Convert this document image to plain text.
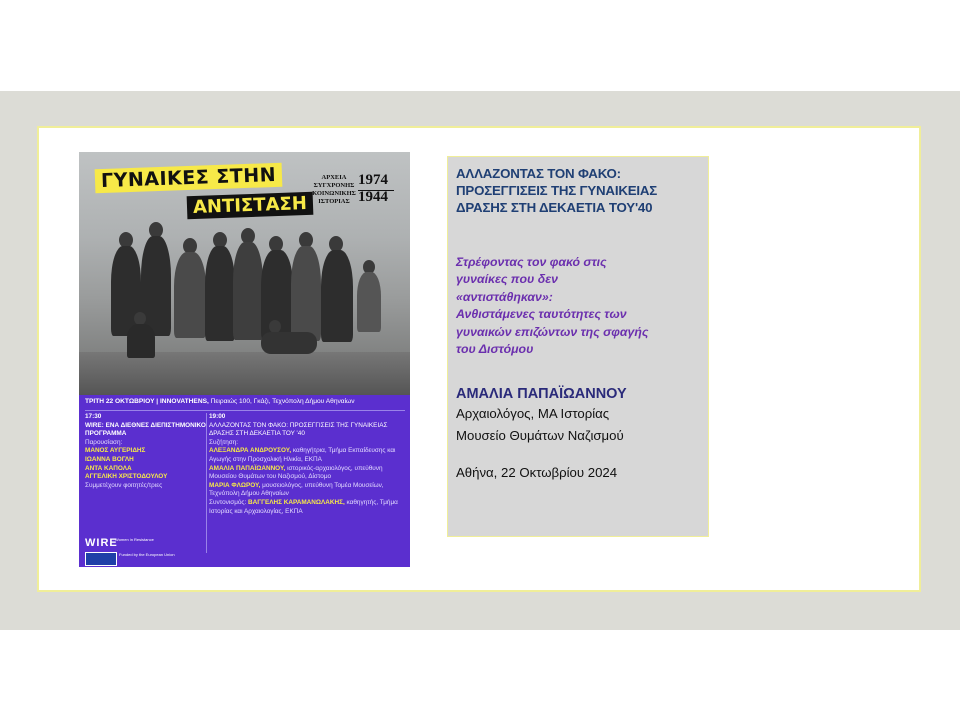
ΓΥΝΑΙΚΕΣ ΣΤΗΝ
ΑΝΤΙΣΤΑΣΗ
ΑΡΧΕΙΑ ΣΥΓΧΡΟΝΗΣ ΚΟΙΝΩΝΙΚΗΣ ΙΣΤΟΡΙΑΣ
1974
1944
ΤΡΙΤΗ 22 ΟΚΤΩΒΡΙΟΥ | INNOVATHENS, Πειραιώς 100, Γκάζι, Τεχνόπολη Δήμου Αθηναίων
17:30
WIRE: ΕΝΑ ΔΙΕΘΝΕΣ ΔΙΕΠΙΣΤΗΜΟΝΙΚΟ ΠΡΟΓΡΑΜΜΑ
Παρουσίαση:
ΜΑΝΟΣ ΑΥΓΕΡΙΔΗΣ
ΙΩΑΝΝΑ ΒΟΓΛΗ
ΑΝΤΑ ΚΑΠΟΛΑ
ΑΓΓΕΛΙΚΗ ΧΡΙΣΤΟΔΟΥΛΟΥ
Συμμετέχουν φοιτητές/τριες
19:00
ΑΛΛΑΖΟΝΤΑΣ ΤΟΝ ΦΑΚΟ: ΠΡΟΣΕΓΓΙΣΕΙΣ ΤΗΣ ΓΥΝΑΙΚΕΙΑΣ ΔΡΑΣΗΣ ΣΤΗ ΔΕΚΑΕΤΙΑ ΤΟΥ '40
Συζήτηση:
ΑΛΕΞΑΝΔΡΑ ΑΝΔΡΟΥΣΟΥ, καθηγήτρια, Τμήμα Εκπαίδευσης και Αγωγής στην Προσχολική Ηλικία, ΕΚΠΑ
ΑΜΑΛΙΑ ΠΑΠΑΪΩΑΝΝΟΥ, ιστορικός-αρχαιολόγος, υπεύθυνη Μουσείου Θυμάτων του Ναζισμού, Δίστομο
ΜΑΡΙΑ ΦΛΩΡΟΥ, μουσειολόγος, υπεύθυνη Τομέα Μουσείων, Τεχνόπολη Δήμου Αθηναίων
Συντονισμός: ΒΑΓΓΕΛΗΣ ΚΑΡΑΜΑΝΩΛΑΚΗΣ, καθηγητής, Τμήμα Ιστορίας και Αρχαιολογίας, ΕΚΠΑ
WIRE
Women in Resistance
Funded by the European Union
ΑΛΛΑΖΟΝΤΑΣ ΤΟΝ ΦΑΚΟ:
ΠΡΟΣΕΓΓΙΣΕΙΣ ΤΗΣ ΓΥΝΑΙΚΕΙΑΣ
ΔΡΑΣΗΣ ΣΤΗ ΔΕΚΑΕΤΙΑ ΤΟΥ'40
Στρέφοντας τον φακό στις
γυναίκες που δεν
«αντιστάθηκαν»:
Ανθιστάμενες ταυτότητες των
γυναικών επιζώντων της σφαγής
του Διστόμου
ΑΜΑΛΙΑ ΠΑΠΑΪΩΑΝΝΟΥ
Αρχαιολόγος, ΜΑ Ιστορίας
Μουσείο Θυμάτων Ναζισμού
Αθήνα, 22 Οκτωβρίου 2024
